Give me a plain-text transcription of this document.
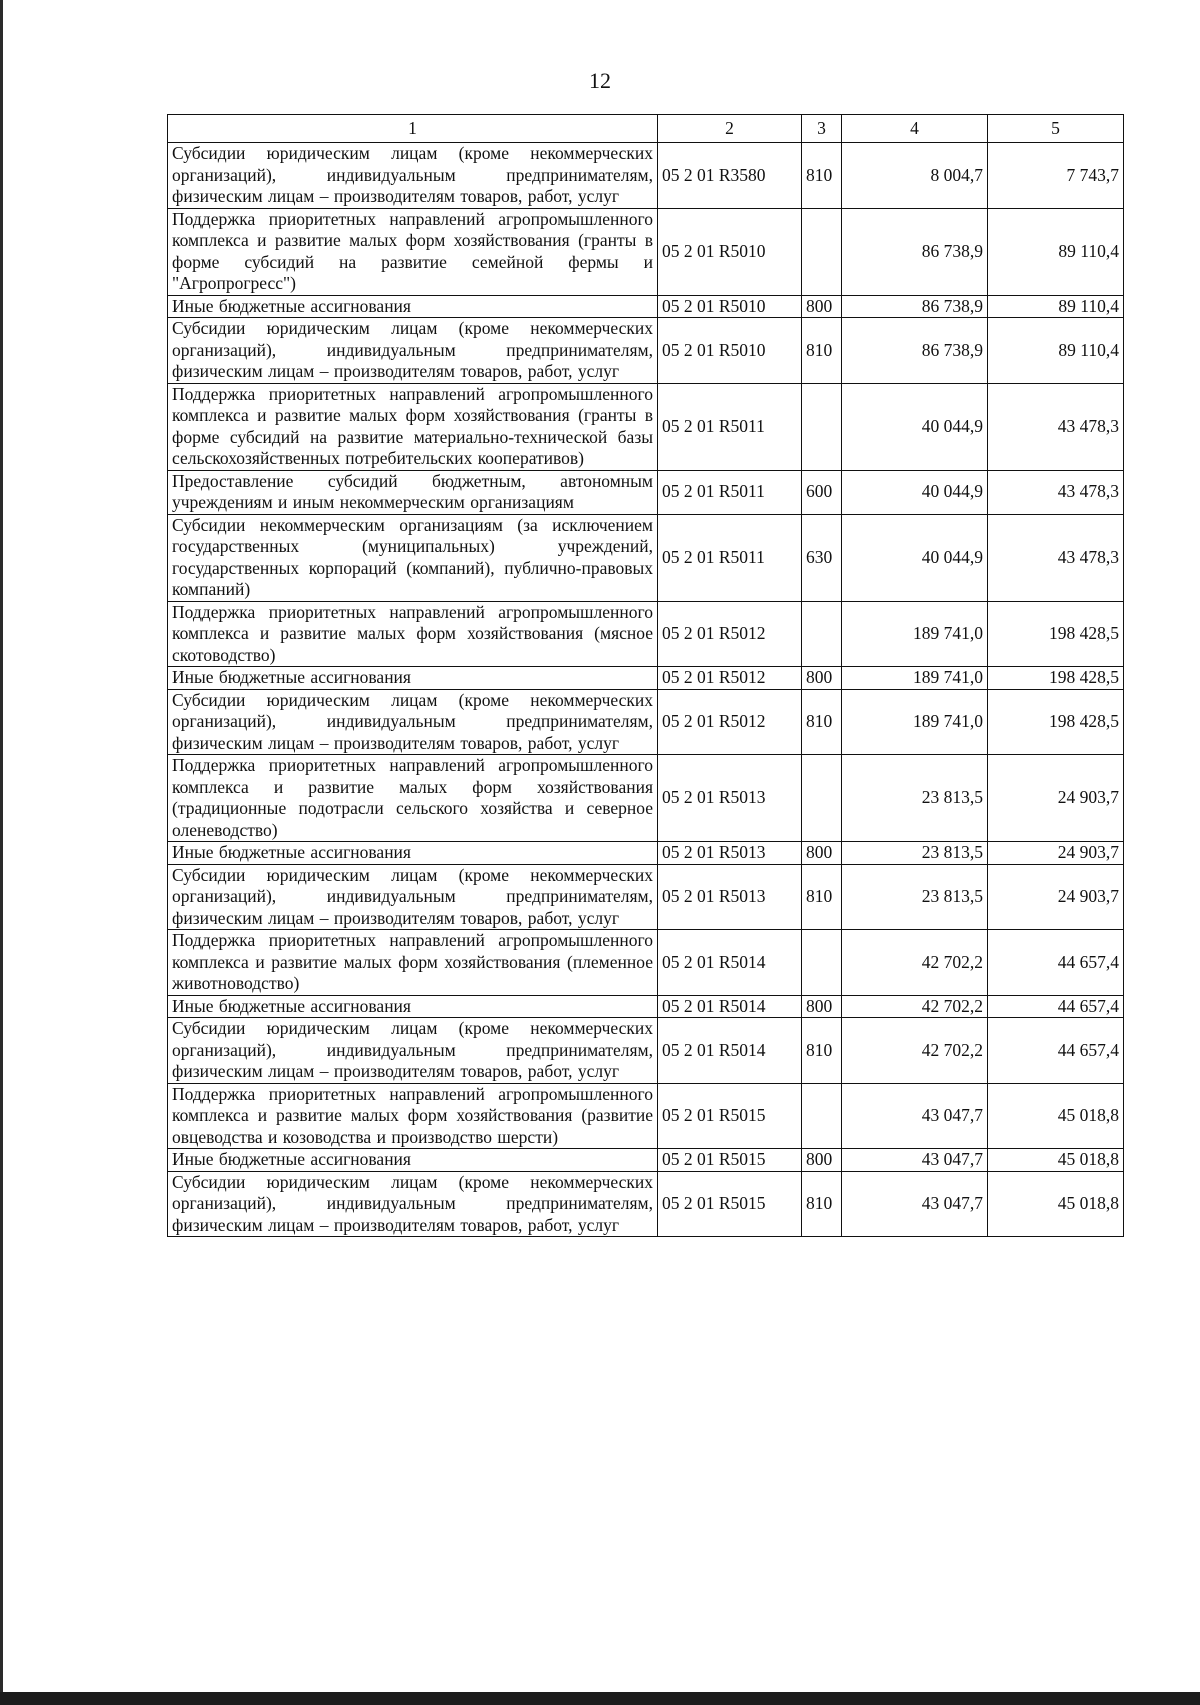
12
1	2	3	4	5
Субсидии юридическим лицам (кроме некоммерческих организаций), индивидуальным предпринимателям, физическим лицам – производителям товаров, работ, услуг	05 2 01 R3580	810	8 004,7	7 743,7
Поддержка приоритетных направлений агропромышленного комплекса и развитие малых форм хозяйствования (гранты в форме субсидий на развитие семейной фермы и "Агропрогресс")	05 2 01 R5010		86 738,9	89 110,4
Иные бюджетные ассигнования	05 2 01 R5010	800	86 738,9	89 110,4
Субсидии юридическим лицам (кроме некоммерческих организаций), индивидуальным предпринимателям, физическим лицам – производителям товаров, работ, услуг	05 2 01 R5010	810	86 738,9	89 110,4
Поддержка приоритетных направлений агропромышленного комплекса и развитие малых форм хозяйствования (гранты в форме субсидий на развитие материально-технической базы сельскохозяйственных потребительских кооперативов)	05 2 01 R5011		40 044,9	43 478,3
Предоставление субсидий бюджетным, автономным учреждениям и иным некоммерческим организациям	05 2 01 R5011	600	40 044,9	43 478,3
Субсидии некоммерческим организациям (за исключением государственных (муниципальных) учреждений, государственных корпораций (компаний), публично-правовых компаний)	05 2 01 R5011	630	40 044,9	43 478,3
Поддержка приоритетных направлений агропромышленного комплекса и развитие малых форм хозяйствования (мясное скотоводство)	05 2 01 R5012		189 741,0	198 428,5
Иные бюджетные ассигнования	05 2 01 R5012	800	189 741,0	198 428,5
Субсидии юридическим лицам (кроме некоммерческих организаций), индивидуальным предпринимателям, физическим лицам – производителям товаров, работ, услуг	05 2 01 R5012	810	189 741,0	198 428,5
Поддержка приоритетных направлений агропромышленного комплекса и развитие малых форм хозяйствования (традиционные подотрасли сельского хозяйства и северное оленеводство)	05 2 01 R5013		23 813,5	24 903,7
Иные бюджетные ассигнования	05 2 01 R5013	800	23 813,5	24 903,7
Субсидии юридическим лицам (кроме некоммерческих организаций), индивидуальным предпринимателям, физическим лицам – производителям товаров, работ, услуг	05 2 01 R5013	810	23 813,5	24 903,7
Поддержка приоритетных направлений агропромышленного комплекса и развитие малых форм хозяйствования (племенное животноводство)	05 2 01 R5014		42 702,2	44 657,4
Иные бюджетные ассигнования	05 2 01 R5014	800	42 702,2	44 657,4
Субсидии юридическим лицам (кроме некоммерческих организаций), индивидуальным предпринимателям, физическим лицам – производителям товаров, работ, услуг	05 2 01 R5014	810	42 702,2	44 657,4
Поддержка приоритетных направлений агропромышленного комплекса и развитие малых форм хозяйствования (развитие овцеводства и козоводства и производство шерсти)	05 2 01 R5015		43 047,7	45 018,8
Иные бюджетные ассигнования	05 2 01 R5015	800	43 047,7	45 018,8
Субсидии юридическим лицам (кроме некоммерческих организаций), индивидуальным предпринимателям, физическим лицам – производителям товаров, работ, услуг	05 2 01 R5015	810	43 047,7	45 018,8
